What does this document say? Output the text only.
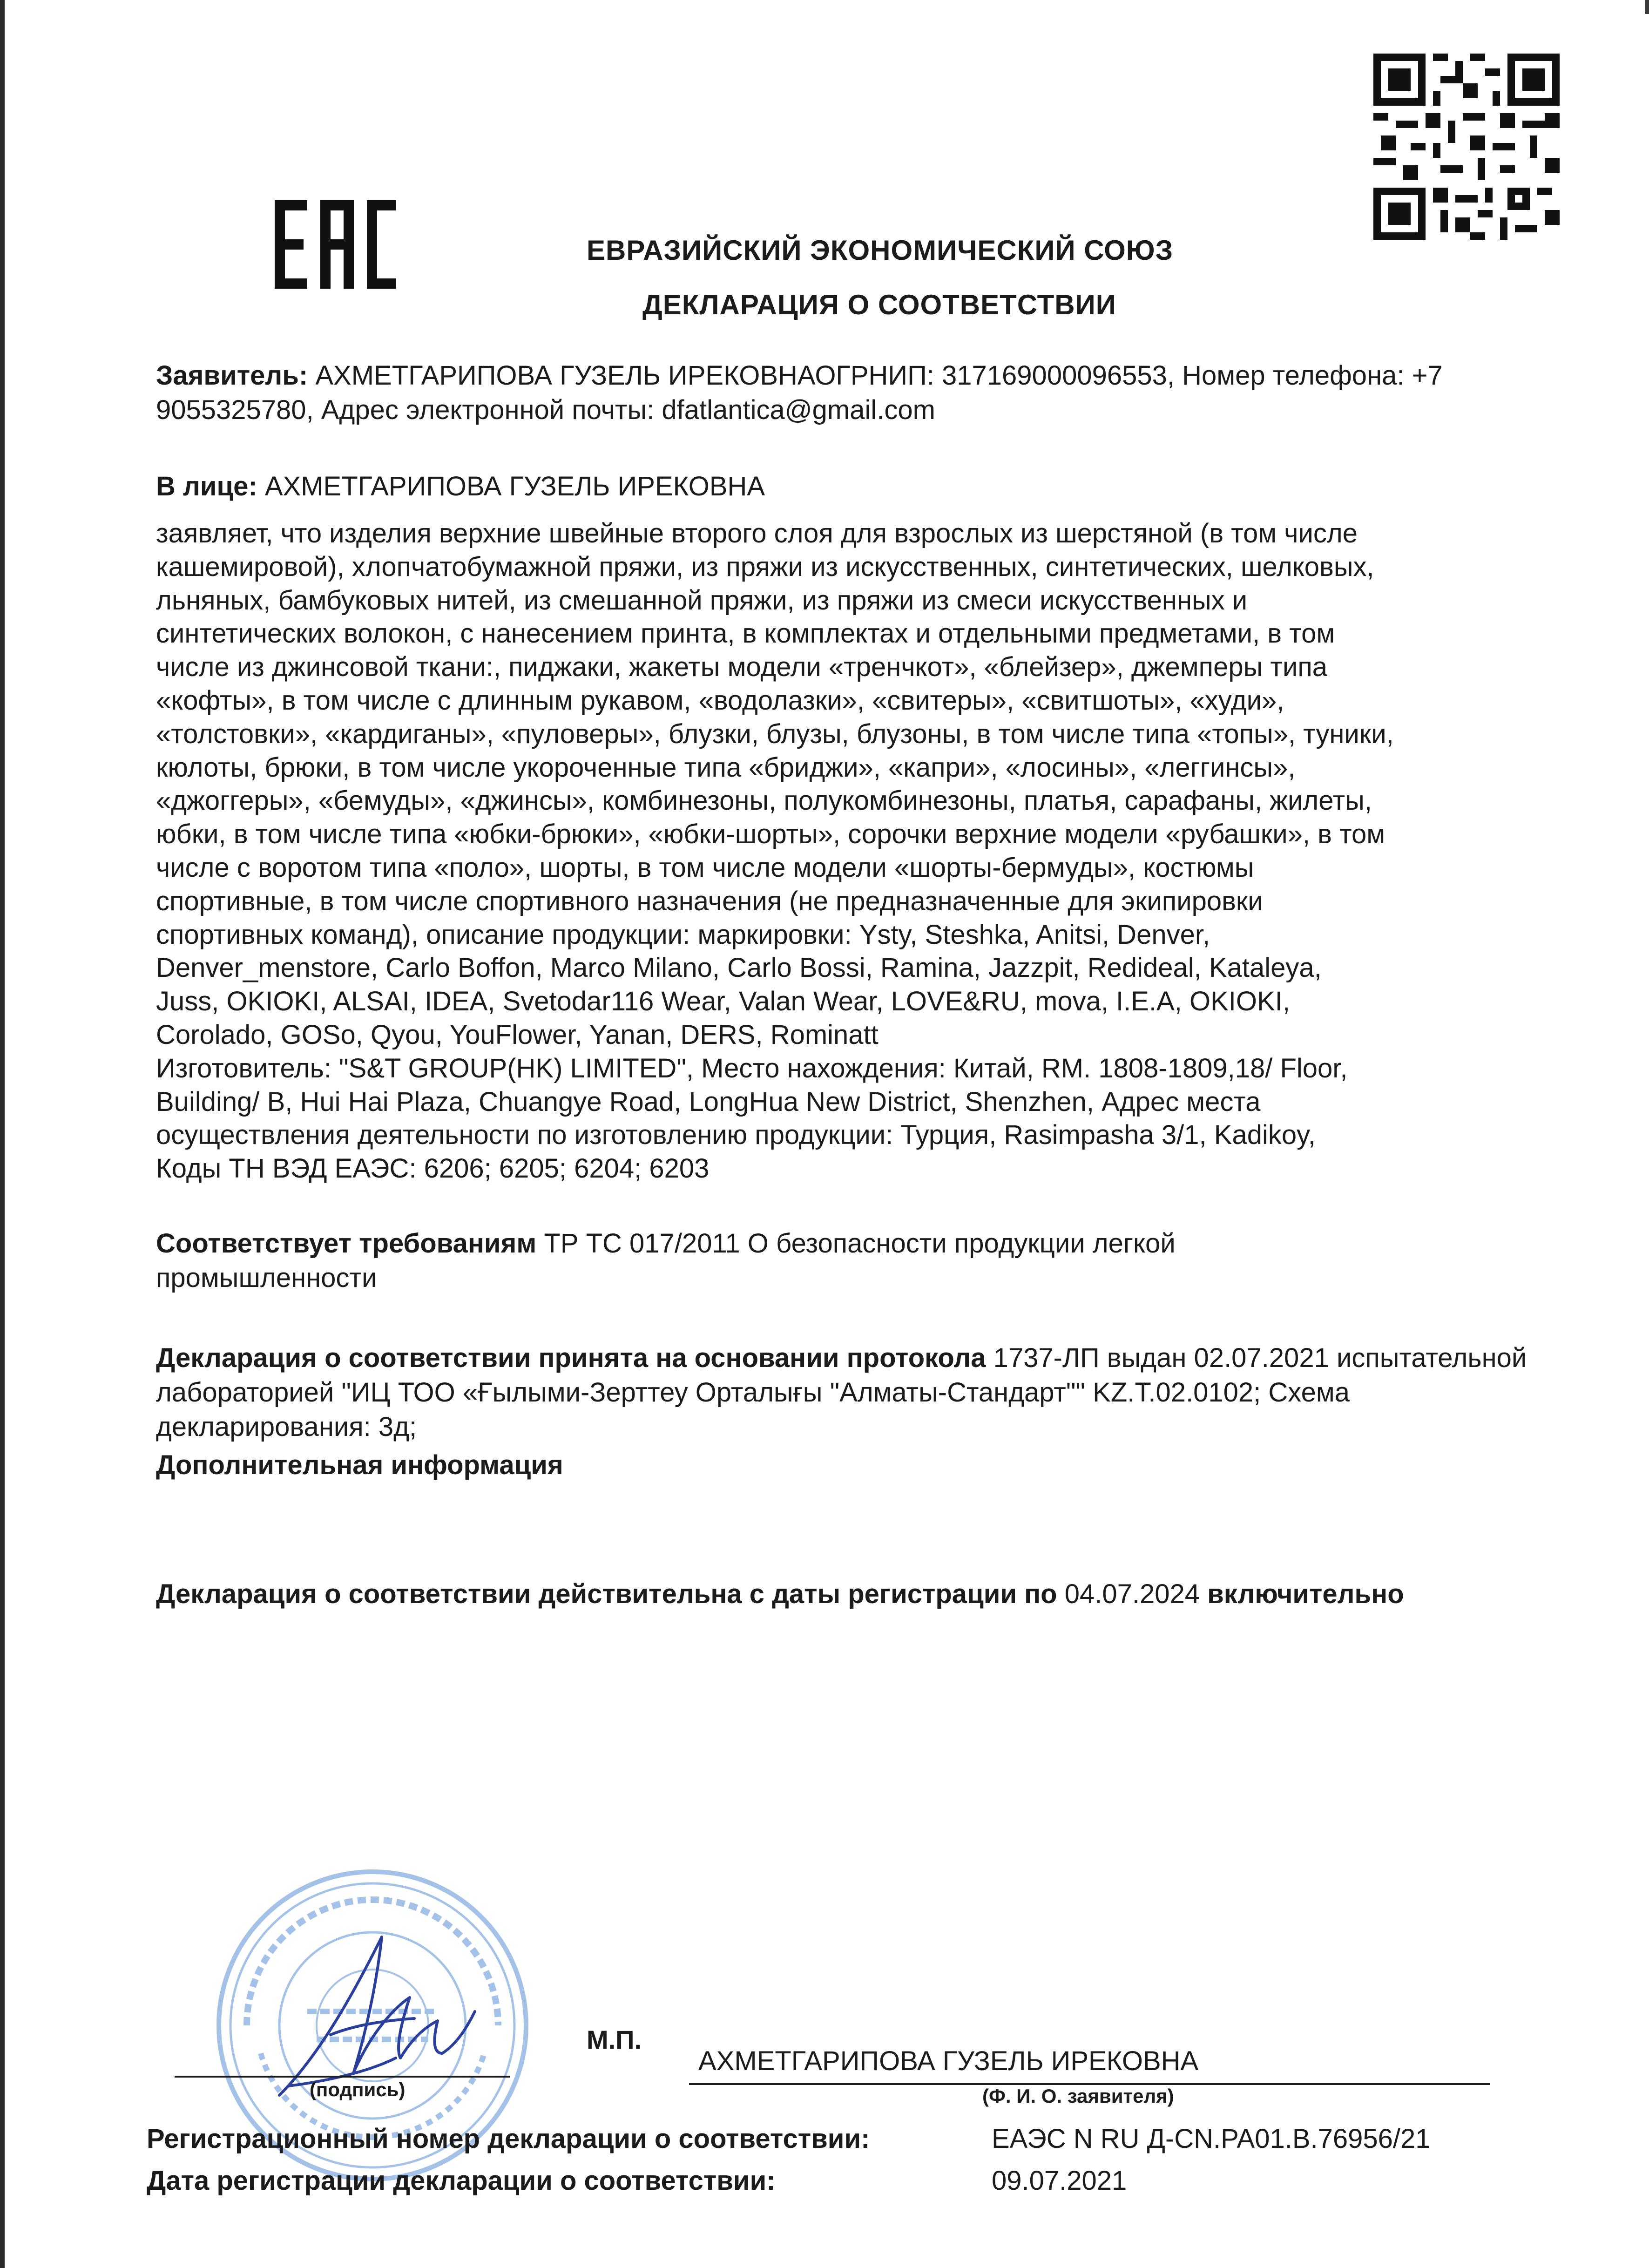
ЕВРАЗИЙСКИЙ ЭКОНОМИЧЕСКИЙ СОЮЗ
ДЕКЛАРАЦИЯ О СООТВЕТСТВИИ
Заявитель: АХМЕТГАРИПОВА ГУЗЕЛЬ ИРЕКОВНАОГРНИП: 317169000096553, Номер телефона: +7 9055325780, Адрес электронной почты: dfatlantica@gmail.com
В лице: АХМЕТГАРИПОВА ГУЗЕЛЬ ИРЕКОВНА
заявляет, что изделия верхние швейные второго слоя для взрослых из шерстяной (в том числе
кашемировой), хлопчатобумажной пряжи, из пряжи из искусственных, синтетических, шелковых,
льняных, бамбуковых нитей, из смешанной пряжи, из пряжи из смеси искусственных и
синтетических волокон, с нанесением принта, в комплектах и отдельными предметами, в том
числе из джинсовой ткани:, пиджаки, жакеты модели «тренчкот», «блейзер», джемперы типа
«кофты», в том числе с длинным рукавом, «водолазки», «свитеры», «свитшоты», «худи»,
«толстовки», «кардиганы», «пуловеры», блузки, блузы, блузоны, в том числе типа «топы», туники,
кюлоты, брюки, в том числе укороченные типа «бриджи», «капри», «лосины», «леггинсы»,
«джоггеры», «бемуды», «джинсы», комбинезоны, полукомбинезоны, платья, сарафаны, жилеты,
юбки, в том числе типа «юбки-брюки», «юбки-шорты», сорочки верхние модели «рубашки», в том
числе с воротом типа «поло», шорты, в том числе модели «шорты-бермуды», костюмы
спортивные, в том числе спортивного назначения (не предназначенные для экипировки
спортивных команд), описание продукции: маркировки: Ysty, Steshka, Anitsi, Denver,
Denver_menstore, Carlo Boffon, Marco Milano, Carlo Bossi, Ramina, Jazzpit, Redideal, Kataleya,
Juss, OKIOKI, ALSAI, IDEA, Svetodar116 Wear, Valan Wear, LOVE&RU, mova, I.E.A, OKIOKI,
Corolado, GOSo, Qyou, YouFlower, Yanan, DERS, Rominatt
Изготовитель: "S&T GROUP(HK) LIMITED", Место нахождения: Китай, RM. 1808-1809,18/ Floor,
Building/ B, Hui Hai Plaza, Chuangye Road, LongHua New District, Shenzhen, Адрес места
осуществления деятельности по изготовлению продукции: Турция, Rasimpasha 3/1, Kadikoy,
Коды ТН ВЭД ЕАЭС: 6206; 6205; 6204; 6203
Соответствует требованиям ТР ТС 017/2011 О безопасности продукции легкой промышленности
Декларация о соответствии принята на основании протокола 1737-ЛП выдан 02.07.2021 испытательной лабораторией "ИЦ ТОО «Ғылыми-Зерттеу Орталығы "Алматы-Стандарт"" KZ.T.02.0102; Схема декларирования: 3д;
Дополнительная информация
Декларация о соответствии действительна с даты регистрации по 04.07.2024 включительно
М.П.
(подпись)
АХМЕТГАРИПОВА ГУЗЕЛЬ ИРЕКОВНА
(Ф. И. О. заявителя)
Регистрационный номер декларации о соответствии:	ЕАЭС N RU Д-CN.PA01.B.76956/21
Дата регистрации декларации о соответствии:	09.07.2021
